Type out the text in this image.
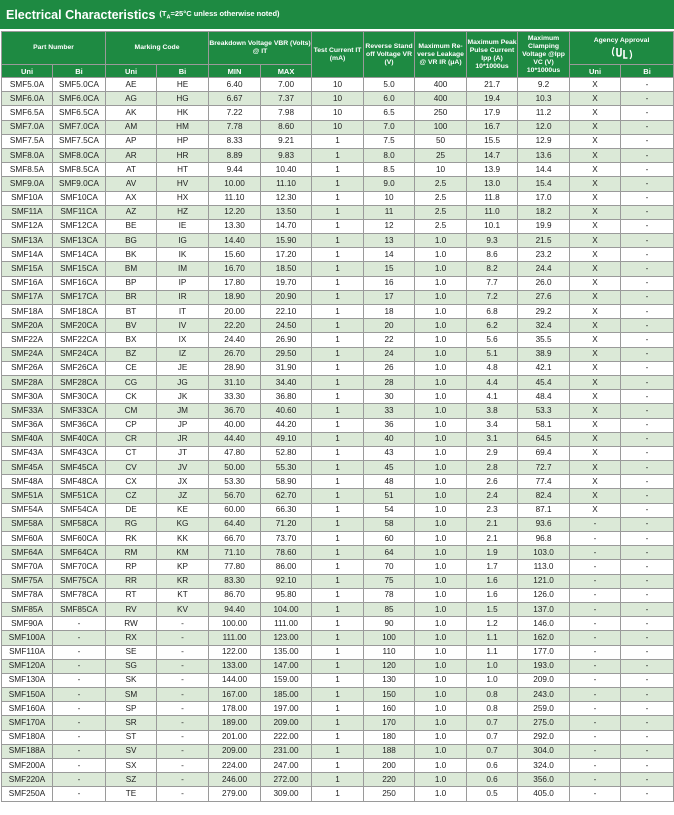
Electrical Characteristics ($T_A=25^\circ C$ unless otherwise noted)
Part Number		Marking Code		Breakdown Voltage VBR (Volts) @ IT		Test Current IT (mA)	Reverse Stand off Voltage VR (V)	Maximum Re-verse Leakage @ VR IR (μA)	Maximum Peak Pulse Current Ipp (A) 10*1000us	Maximum Clamping Voltage @Ipp VC (V) 10*1000us	Agency Approval	

Uni	Bi	Uni	Bi	MIN	MAX						Uni	Bi
SMF5.0A	SMF5.0CA	AE	HE	6.40	7.00	10	5.0	400	21.7	9.2	X	-
SMF6.0A	SMF6.0CA	AG	HG	6.67	7.37	10	6.0	400	19.4	10.3	X	-
SMF6.5A	SMF6.5CA	AK	HK	7.22	7.98	10	6.5	250	17.9	11.2	X	-
SMF7.0A	SMF7.0CA	AM	HM	7.78	8.60	10	7.0	100	16.7	12.0	X	-
SMF7.5A	SMF7.5CA	AP	HP	8.33	9.21	1	7.5	50	15.5	12.9	X	-
SMF8.0A	SMF8.0CA	AR	HR	8.89	9.83	1	8.0	25	14.7	13.6	X	-
SMF8.5A	SMF8.5CA	AT	HT	9.44	10.40	1	8.5	10	13.9	14.4	X	-
SMF9.0A	SMF9.0CA	AV	HV	10.00	11.10	1	9.0	2.5	13.0	15.4	X	-
SMF10A	SMF10CA	AX	HX	11.10	12.30	1	10	2.5	11.8	17.0	X	-
SMF11A	SMF11CA	AZ	HZ	12.20	13.50	1	11	2.5	11.0	18.2	X	-
SMF12A	SMF12CA	BE	IE	13.30	14.70	1	12	2.5	10.1	19.9	X	-
SMF13A	SMF13CA	BG	IG	14.40	15.90	1	13	1.0	9.3	21.5	X	-
SMF14A	SMF14CA	BK	IK	15.60	17.20	1	14	1.0	8.6	23.2	X	-
SMF15A	SMF15CA	BM	IM	16.70	18.50	1	15	1.0	8.2	24.4	X	-
SMF16A	SMF16CA	BP	IP	17.80	19.70	1	16	1.0	7.7	26.0	X	-
SMF17A	SMF17CA	BR	IR	18.90	20.90	1	17	1.0	7.2	27.6	X	-
SMF18A	SMF18CA	BT	IT	20.00	22.10	1	18	1.0	6.8	29.2	X	-
SMF20A	SMF20CA	BV	IV	22.20	24.50	1	20	1.0	6.2	32.4	X	-
SMF22A	SMF22CA	BX	IX	24.40	26.90	1	22	1.0	5.6	35.5	X	-
SMF24A	SMF24CA	BZ	IZ	26.70	29.50	1	24	1.0	5.1	38.9	X	-
SMF26A	SMF26CA	CE	JE	28.90	31.90	1	26	1.0	4.8	42.1	X	-
SMF28A	SMF28CA	CG	JG	31.10	34.40	1	28	1.0	4.4	45.4	X	-
SMF30A	SMF30CA	CK	JK	33.30	36.80	1	30	1.0	4.1	48.4	X	-
SMF33A	SMF33CA	CM	JM	36.70	40.60	1	33	1.0	3.8	53.3	X	-
SMF36A	SMF36CA	CP	JP	40.00	44.20	1	36	1.0	3.4	58.1	X	-
SMF40A	SMF40CA	CR	JR	44.40	49.10	1	40	1.0	3.1	64.5	X	-
SMF43A	SMF43CA	CT	JT	47.80	52.80	1	43	1.0	2.9	69.4	X	-
SMF45A	SMF45CA	CV	JV	50.00	55.30	1	45	1.0	2.8	72.7	X	-
SMF48A	SMF48CA	CX	JX	53.30	58.90	1	48	1.0	2.6	77.4	X	-
SMF51A	SMF51CA	CZ	JZ	56.70	62.70	1	51	1.0	2.4	82.4	X	-
SMF54A	SMF54CA	DE	KE	60.00	66.30	1	54	1.0	2.3	87.1	X	-
SMF58A	SMF58CA	RG	KG	64.40	71.20	1	58	1.0	2.1	93.6	-	-
SMF60A	SMF60CA	RK	KK	66.70	73.70	1	60	1.0	2.1	96.8	-	-
SMF64A	SMF64CA	RM	KM	71.10	78.60	1	64	1.0	1.9	103.0	-	-
SMF70A	SMF70CA	RP	KP	77.80	86.00	1	70	1.0	1.7	113.0	-	-
SMF75A	SMF75CA	RR	KR	83.30	92.10	1	75	1.0	1.6	121.0	-	-
SMF78A	SMF78CA	RT	KT	86.70	95.80	1	78	1.0	1.6	126.0	-	-
SMF85A	SMF85CA	RV	KV	94.40	104.00	1	85	1.0	1.5	137.0	-	-
SMF90A	-	RW	-	100.00	111.00	1	90	1.0	1.2	146.0	-	-
SMF100A	-	RX	-	111.00	123.00	1	100	1.0	1.1	162.0	-	-
SMF110A	-	SE	-	122.00	135.00	1	110	1.0	1.1	177.0	-	-
SMF120A	-	SG	-	133.00	147.00	1	120	1.0	1.0	193.0	-	-
SMF130A	-	SK	-	144.00	159.00	1	130	1.0	1.0	209.0	-	-
SMF150A	-	SM	-	167.00	185.00	1	150	1.0	0.8	243.0	-	-
SMF160A	-	SP	-	178.00	197.00	1	160	1.0	0.8	259.0	-	-
SMF170A	-	SR	-	189.00	209.00	1	170	1.0	0.7	275.0	-	-
SMF180A	-	ST	-	201.00	222.00	1	180	1.0	0.7	292.0	-	-
SMF188A	-	SV	-	209.00	231.00	1	188	1.0	0.7	304.0	-	-
SMF200A	-	SX	-	224.00	247.00	1	200	1.0	0.6	324.0	-	-
SMF220A	-	SZ	-	246.00	272.00	1	220	1.0	0.6	356.0	-	-
SMF250A	-	TE	-	279.00	309.00	1	250	1.0	0.5	405.0	-	-
